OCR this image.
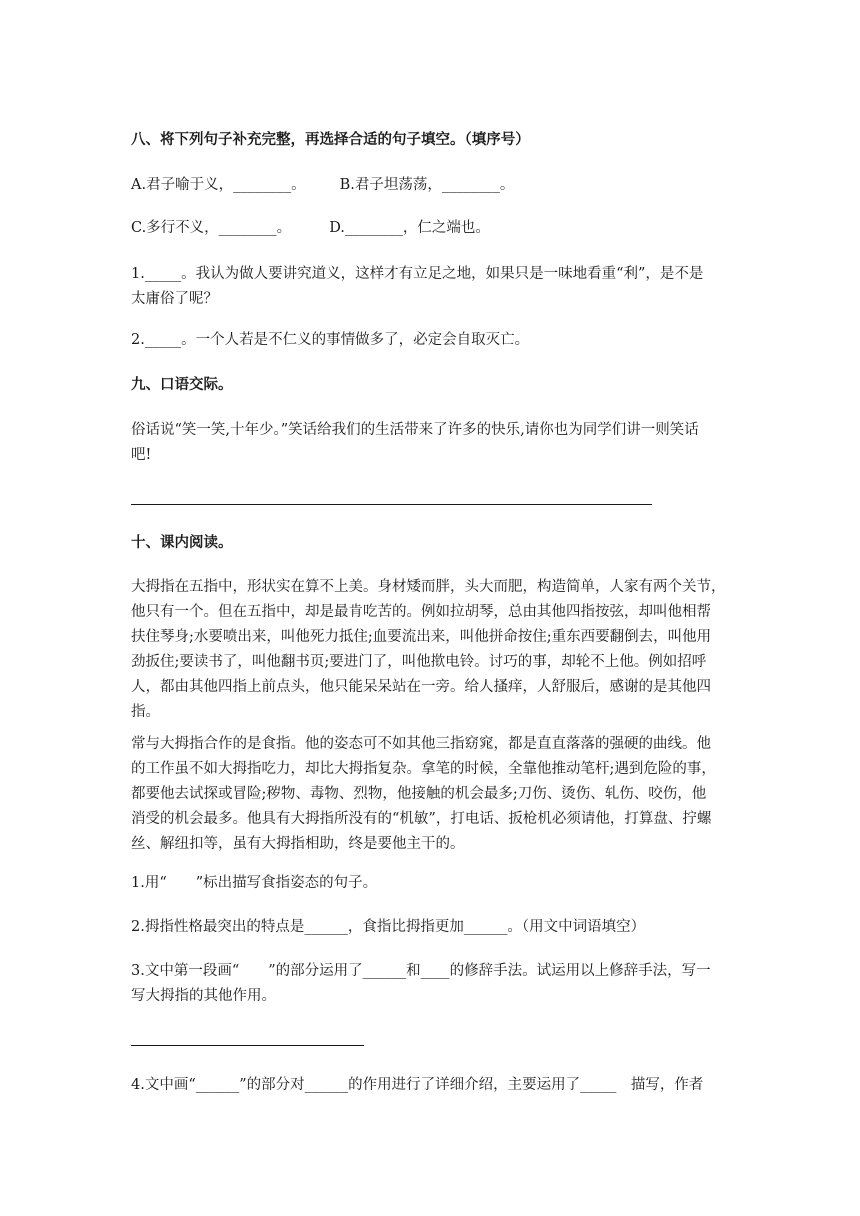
八、将下列句子补充完整，再选择合适的句子填空。（填序号）
A.君子喻于义，________。 B.君子坦荡荡，________。
C.多行不义，________。	D.________，仁之端也。
1._____。我认为做人要讲究道义，这样才有立足之地，如果只是一味地看重“利”，是不是
太庸俗了呢？
2._____。一个人若是不仁义的事情做多了，必定会自取灭亡。
九、口语交际。
俗话说“笑一笑,十年少。”笑话给我们的生活带来了许多的快乐,请你也为同学们讲一则笑话
吧!
十、课内阅读。
大拇指在五指中，形状实在算不上美。身材矮而胖，头大而肥，构造简单，人家有两个关节，
他只有一个。但在五指中，却是最肯吃苦的。例如拉胡琴，总由其他四指按弦，却叫他相帮
扶住琴身;水要喷出来，叫他死力抵住;血要流出来，叫他拼命按住;重东西要翻倒去，叫他用
劲扳住;要读书了，叫他翻书页;要进门了，叫他揿电铃。讨巧的事，却轮不上他。例如招呼
人，都由其他四指上前点头，他只能呆呆站在一旁。给人搔痒，人舒服后，感谢的是其他四
指。
常与大拇指合作的是食指。他的姿态可不如其他三指窈窕，都是直直落落的强硬的曲线。他
的工作虽不如大拇指吃力，却比大拇指复杂。拿笔的时候，全靠他推动笔杆;遇到危险的事，
都要他去试探或冒险;秽物、毒物、烈物，他接触的机会最多;刀伤、烫伤、轧伤、咬伤，他
消受的机会最多。他具有大拇指所没有的“机敏”，打电话、扳枪机必须请他，打算盘、拧螺
丝、解纽扣等，虽有大拇指相助，终是要他主干的。
1.用“　　”标出描写食指姿态的句子。
2.拇指性格最突出的特点是______，食指比拇指更加______。（用文中词语填空）
3.文中第一段画“　　”的部分运用了______和____的修辞手法。试运用以上修辞手法，写一
写大拇指的其他作用。
4.文中画“______”的部分对______的作用进行了详细介绍，主要运用了_____　描写，作者
